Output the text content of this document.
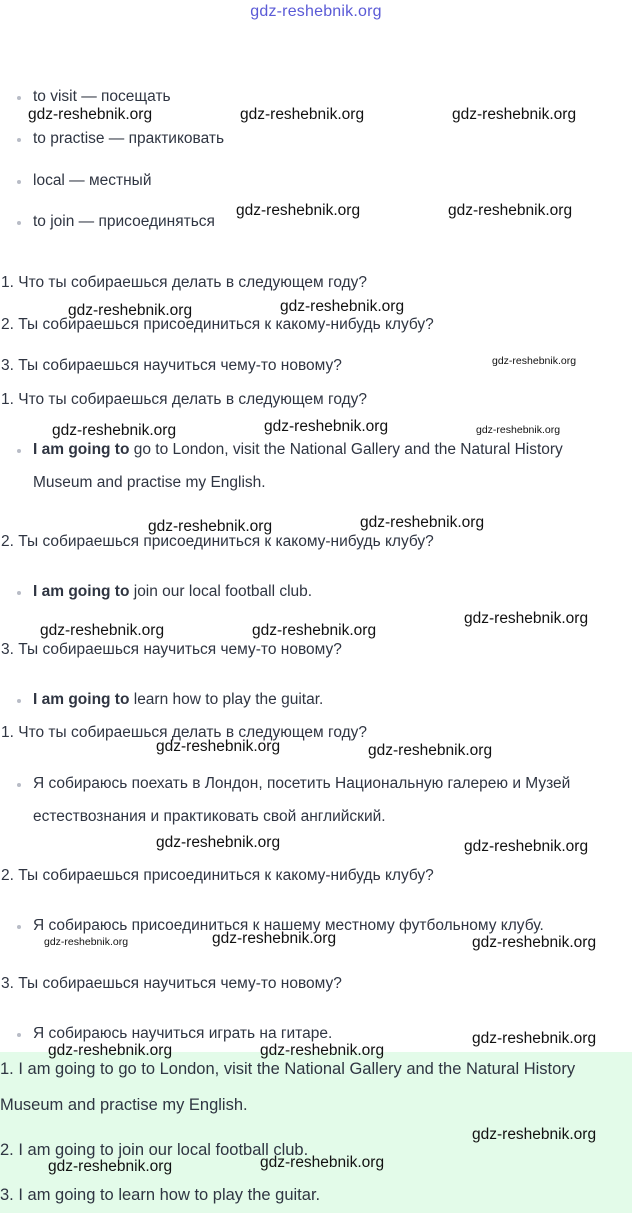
gdz-reshebnik.org
to visit — посещать
to practise — практиковать
local — местный
to join — присоединяться
1. Что ты собираешься делать в следующем году?
2. Ты собираешься присоединиться к какому-нибудь клубу?
3. Ты собираешься научиться чему-то новому?
1. Что ты собираешься делать в следующем году?
I am going to go to London, visit the National Gallery and the Natural History
Museum and practise my English.
2. Ты собираешься присоединиться к какому-нибудь клубу?
I am going to join our local football club.
3. Ты собираешься научиться чему-то новому?
I am going to learn how to play the guitar.
1. Что ты собираешься делать в следующем году?
Я собираюсь поехать в Лондон, посетить Национальную галерею и Музей
естествознания и практиковать свой английский.
2. Ты собираешься присоединиться к какому-нибудь клубу?
Я собираюсь присоединиться к нашему местному футбольному клубу.
3. Ты собираешься научиться чему-то новому?
Я собираюсь научиться играть на гитаре.
1. I am going to go to London, visit the National Gallery and the Natural History
Museum and practise my English.
2. I am going to join our local football club.
3. I am going to learn how to play the guitar.
gdz-reshebnik.org	gdz-reshebnik.org	gdz-reshebnik.org
gdz-reshebnik.org	gdz-reshebnik.org
gdz-reshebnik.org	gdz-reshebnik.org
gdz-reshebnik.org
gdz-reshebnik.org	gdz-reshebnik.org	gdz-reshebnik.org
gdz-reshebnik.org	gdz-reshebnik.org
gdz-reshebnik.org
gdz-reshebnik.org	gdz-reshebnik.org
gdz-reshebnik.org	gdz-reshebnik.org
gdz-reshebnik.org	gdz-reshebnik.org
gdz-reshebnik.org	gdz-reshebnik.org	gdz-reshebnik.org
gdz-reshebnik.org
gdz-reshebnik.org	gdz-reshebnik.org
gdz-reshebnik.org
gdz-reshebnik.org	gdz-reshebnik.org
